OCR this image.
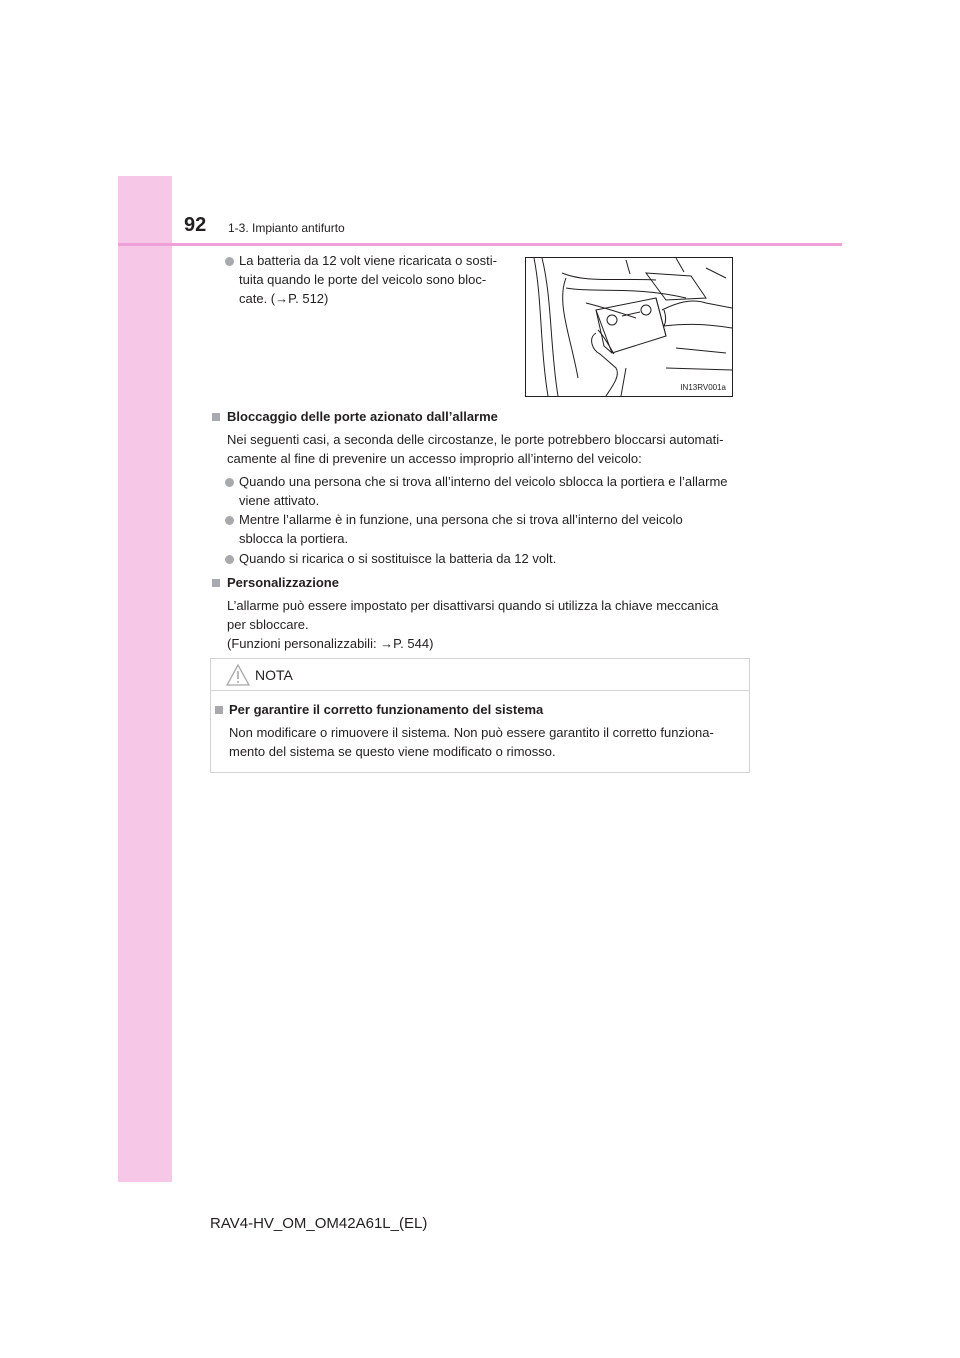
92 1-3. Impianto antifurto
La batteria da 12 volt viene ricaricata o sosti-
tuita quando le porte del veicolo sono bloc-
cate. (→P. 512)
IN13RV001a
Bloccaggio delle porte azionato dall’allarme
Nei seguenti casi, a seconda delle circostanze, le porte potrebbero bloccarsi automati-
camente al fine di prevenire un accesso improprio all’interno del veicolo:
Quando una persona che si trova all’interno del veicolo sblocca la portiera e l’allarme
viene attivato.
Mentre l’allarme è in funzione, una persona che si trova all’interno del veicolo
sblocca la portiera.
Quando si ricarica o si sostituisce la batteria da 12 volt.
Personalizzazione
L’allarme può essere impostato per disattivarsi quando si utilizza la chiave meccanica
per sbloccare.
(Funzioni personalizzabili: →P. 544)
NOTA
Per garantire il corretto funzionamento del sistema
Non modificare o rimuovere il sistema. Non può essere garantito il corretto funziona-
mento del sistema se questo viene modificato o rimosso.
RAV4-HV_OM_OM42A61L_(EL)
